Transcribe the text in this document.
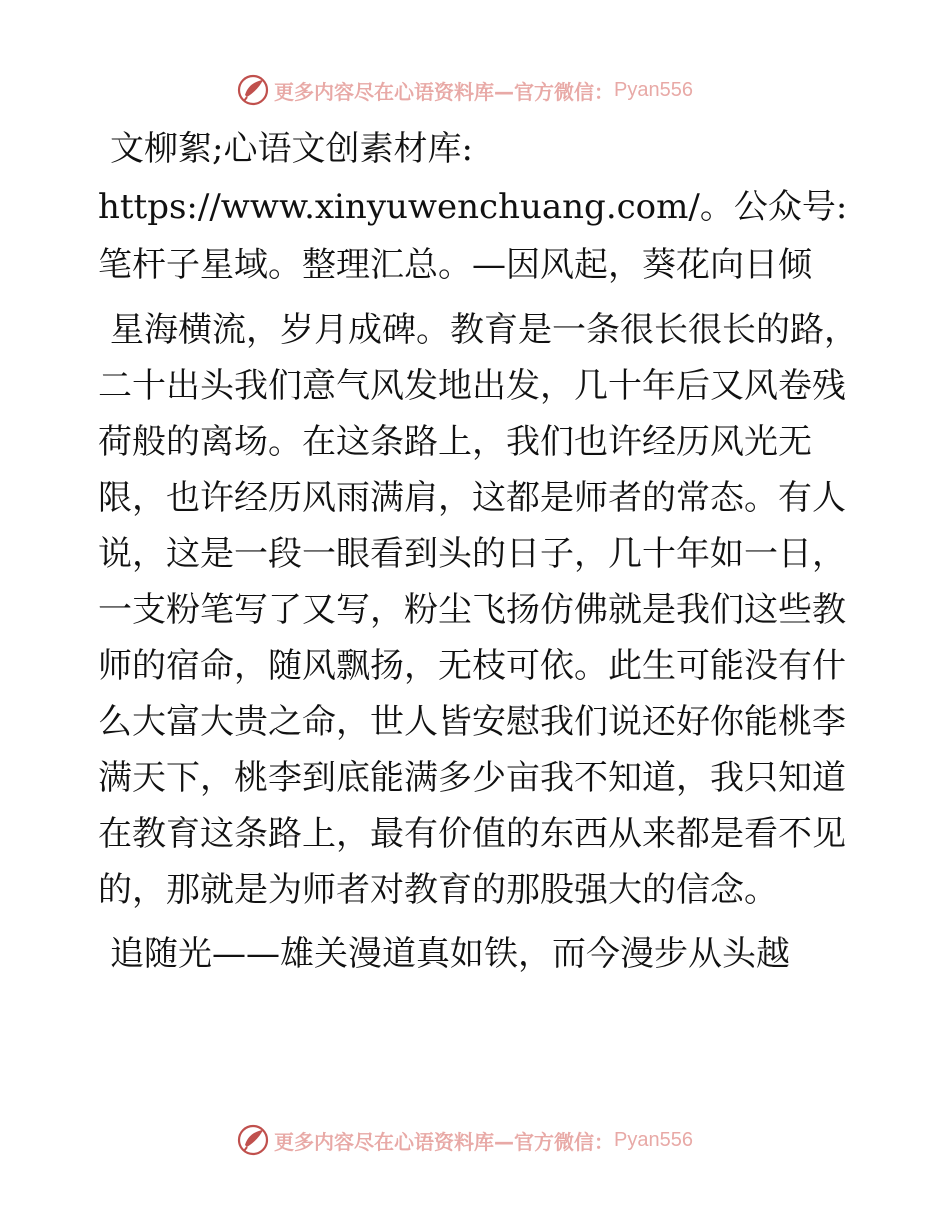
更多内容尽在心语资料库—官方微信： Pyan556

文柳絮;心语文创素材库: https://www.xinyuwenchuang.com/。公众号: 笔杆子星域。整理汇总。—因风起，葵花向日倾

星海横流，岁月成碑。教育是一条很长很长的路，二十出头我们意气风发地出发，几十年后又风卷残荷般的离场。在这条路上，我们也许经历风光无限，也许经历风雨满肩，这都是师者的常态。有人说，这是一段一眼看到头的日子，几十年如一日，一支粉笔写了又写，粉尘飞扬仿佛就是我们这些教师的宿命，随风飘扬，无枝可依。此生可能没有什么大富大贵之命，世人皆安慰我们说还好你能桃李满天下，桃李到底能满多少亩我不知道，我只知道在教育这条路上，最有价值的东西从来都是看不见的，那就是为师者对教育的那股强大的信念。

追随光——雄关漫道真如铁，而今漫步从头越

更多内容尽在心语资料库—官方微信： Pyan556
